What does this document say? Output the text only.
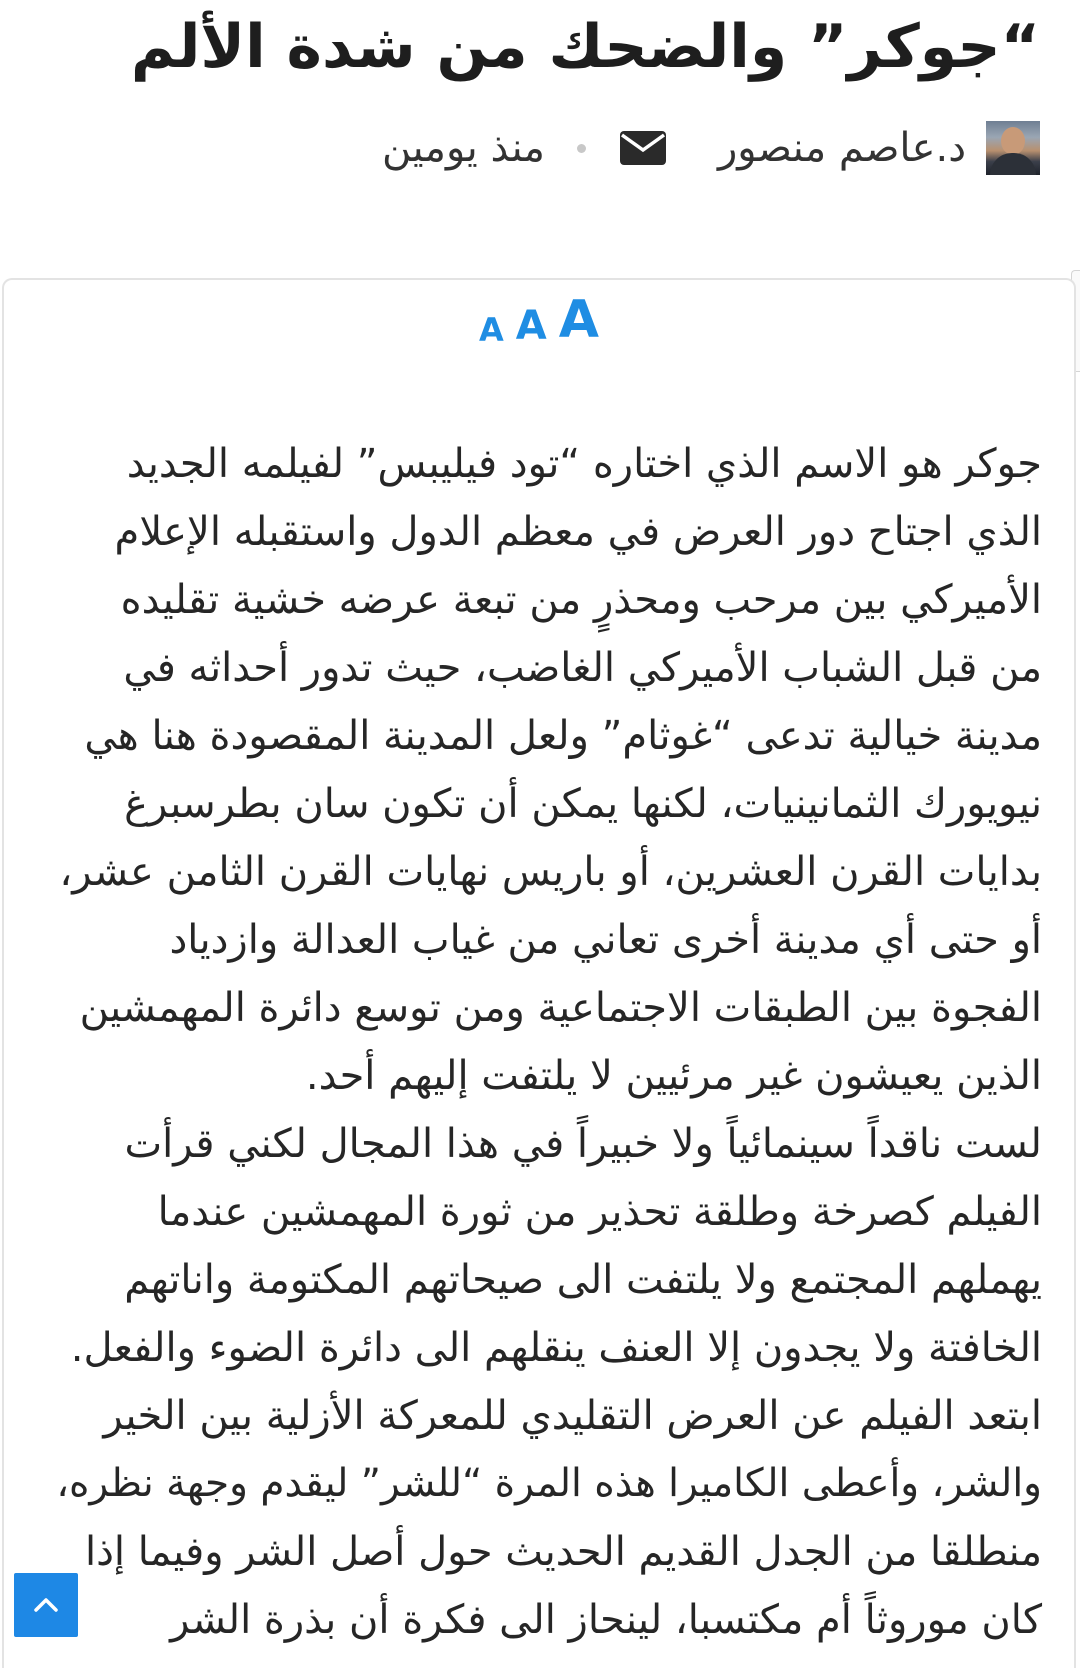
“جوكر” والضحك من شدة الألم
د.عاصم منصور
منذ يومين
A A A
جوكر هو الاسم الذي اختاره “تود فيليبس” لفيلمه الجديد
الذي اجتاح دور العرض في معظم الدول واستقبله الإعلام
الأميركي بين مرحب ومحذرٍ من تبعة عرضه خشية تقليده
من قبل الشباب الأميركي الغاضب، حيث تدور أحداثه في
مدينة خيالية تدعى “غوثام” ولعل المدينة المقصودة هنا هي
نيويورك الثمانينيات، لكنها يمكن أن تكون سان بطرسبرغ
بدايات القرن العشرين، أو باريس نهايات القرن الثامن عشر،
أو حتى أي مدينة أخرى تعاني من غياب العدالة وازدياد
الفجوة بين الطبقات الاجتماعية ومن توسع دائرة المهمشين
الذين يعيشون غير مرئيين لا يلتفت إليهم أحد.
لست ناقداً سينمائياً ولا خبيراً في هذا المجال لكني قرأت
الفيلم كصرخة وطلقة تحذير من ثورة المهمشين عندما
يهملهم المجتمع ولا يلتفت الى صيحاتهم المكتومة واناتهم
الخافتة ولا يجدون إلا العنف ينقلهم الى دائرة الضوء والفعل.
ابتعد الفيلم عن العرض التقليدي للمعركة الأزلية بين الخير
والشر، وأعطى الكاميرا هذه المرة “للشر” ليقدم وجهة نظره،
منطلقا من الجدل القديم الحديث حول أصل الشر وفيما إذا
كان موروثاً أم مكتسبا، لينحاز الى فكرة أن بذرة الشر
